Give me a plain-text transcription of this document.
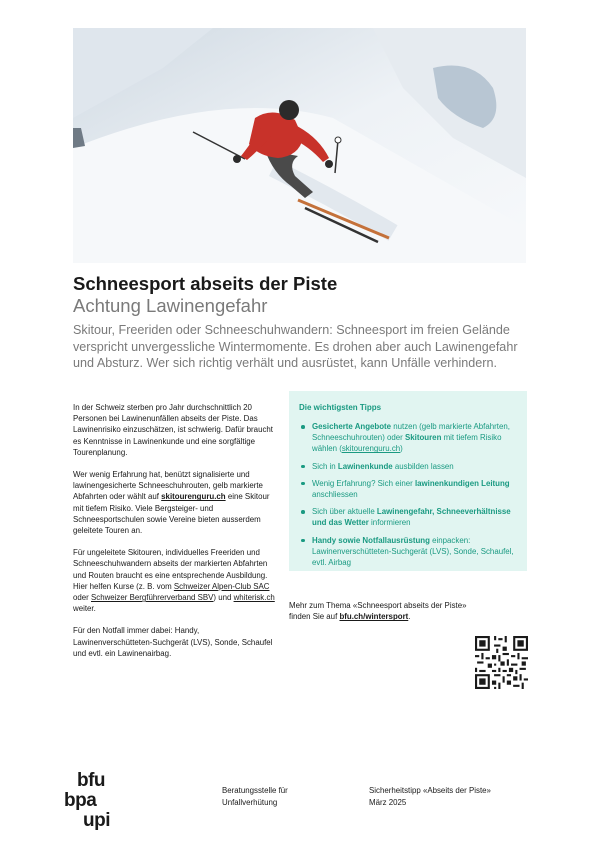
Schneesport abseits der Piste
Achtung Lawinengefahr
Skitour, Freeriden oder Schneeschuhwandern: Schneesport im freien Gelände verspricht unvergessliche Wintermomente. Es drohen aber auch Lawinengefahr und Absturz. Wer sich richtig verhält und ausrüstet, kann Unfälle verhindern.

In der Schweiz sterben pro Jahr durchschnittlich 20 Personen bei Lawinenunfällen abseits der Piste. Das Lawinenrisiko einzuschätzen, ist schwierig. Dafür braucht es Kenntnisse in Lawinenkunde und eine sorgfältige Tourenplanung.

Wer wenig Erfahrung hat, benützt signalisierte und lawinengesicherte Schneeschuhrouten, gelb markierte Abfahrten oder wählt auf skitourenguru.ch eine Skitour mit tiefem Risiko. Viele Bergsteiger- und Schneesportschulen sowie Vereine bieten ausserdem geleitete Touren an.

Für ungeleitete Skitouren, individuelles Freeriden und Schneeschuhwandern abseits der markierten Abfahrten und Routen braucht es eine entsprechende Ausbildung. Hier helfen Kurse (z. B. vom Schweizer Alpen-Club SAC oder Schweizer Bergführerverband SBV) und whiterisk.ch weiter.

Für den Notfall immer dabei: Handy, Lawinenverschütteten-Suchgerät (LVS), Sonde, Schaufel und evtl. ein Lawinenairbag.

Die wichtigsten Tipps
Gesicherte Angebote nutzen (gelb markierte Abfahrten, Schneeschuhrouten) oder Skitouren mit tiefem Risiko wählen (skitourenguru.ch)
Sich in Lawinenkunde ausbilden lassen
Wenig Erfahrung? Sich einer lawinenkundigen Leitung anschliessen
Sich über aktuelle Lawinengefahr, Schneeverhältnisse und das Wetter informieren
Handy sowie Notfallausrüstung einpacken: Lawinenverschütteten-Suchgerät (LVS), Sonde, Schaufel, evtl. Airbag
Mehr zum Thema «Schneesport abseits der Piste»
finden Sie auf bfu.ch/wintersport.
bfu
bpa
upi
Beratungsstelle für
Unfallverhütung
Sicherheitstipp «Abseits der Piste»
März 2025
